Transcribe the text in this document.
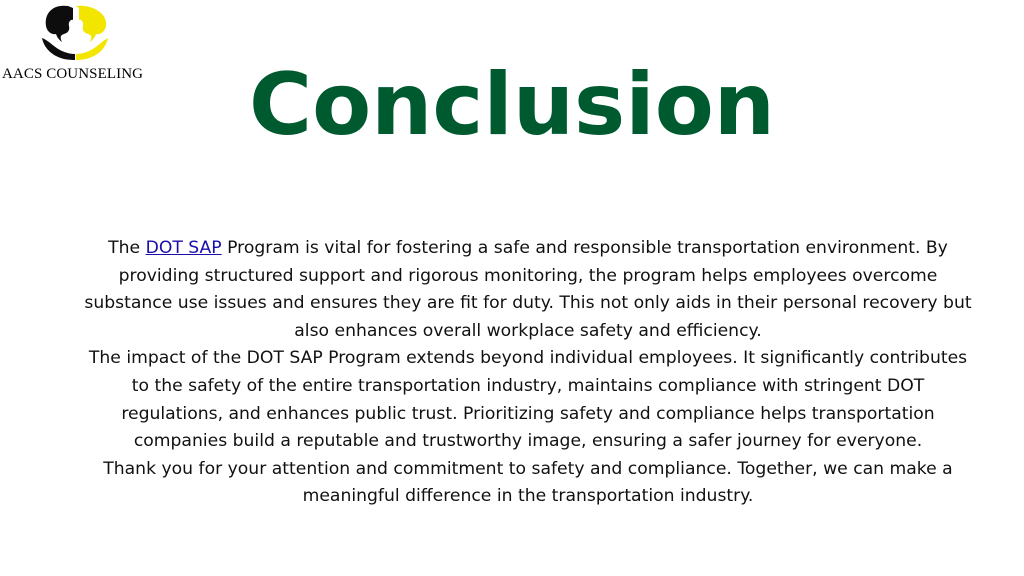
AACS COUNSELING	Conclusion

The DOT SAP Program is vital for fostering a safe and responsible transportation environment. By providing structured support and rigorous monitoring, the program helps employees overcome substance use issues and ensures they are fit for duty. This not only aids in their personal recovery but also enhances overall workplace safety and efficiency.

The impact of the DOT SAP Program extends beyond individual employees. It significantly contributes to the safety of the entire transportation industry, maintains compliance with stringent DOT regulations, and enhances public trust. Prioritizing safety and compliance helps transportation companies build a reputable and trustworthy image, ensuring a safer journey for everyone.

Thank you for your attention and commitment to safety and compliance. Together, we can make a meaningful difference in the transportation industry.
